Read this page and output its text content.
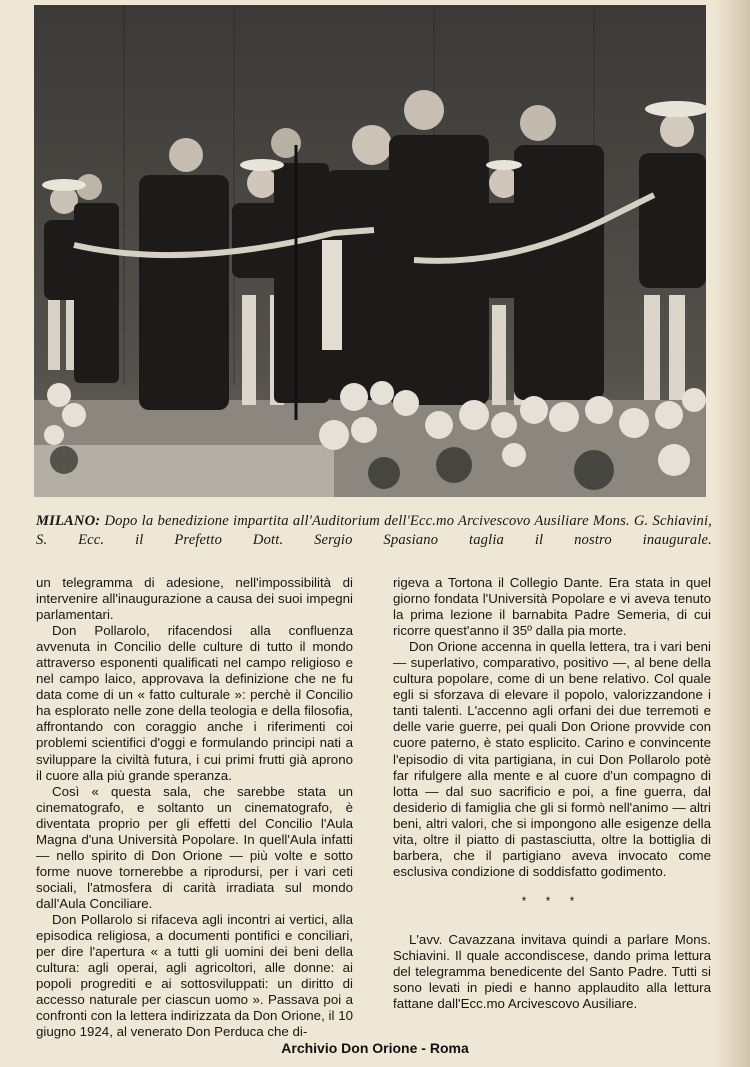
MILANO: Dopo la benedizione impartita all'Auditorium dell'Ecc.mo Arcivescovo Ausiliare Mons. G. Schiavini, S. Ecc. il Prefetto Dott. Sergio Spasiano taglia il nostro inaugurale.

un telegramma di adesione, nell'impossibilità di intervenire all'inaugurazione a causa dei suoi impegni parlamentari.

Don Pollarolo, rifacendosi alla confluenza avvenuta in Concilio delle culture di tutto il mondo attraverso esponenti qualificati nel campo religioso e nel campo laico, approvava la definizione che ne fu data come di un « fatto culturale »: perchè il Concilio ha esplorato nelle zone della teologia e della filosofia, affrontando con coraggio anche i riferimenti coi problemi scientifici d'oggi e formulando principi nati a sviluppare la civiltà futura, i cui primi frutti già aprono il cuore alla più grande speranza.

Così « questa sala, che sarebbe stata un cinematografo, e soltanto un cinematografo, è diventata proprio per gli effetti del Concilio l'Aula Magna d'una Università Popolare. In quell'Aula infatti — nello spirito di Don Orione — più volte e sotto forme nuove tornerebbe a riprodursi, per i vari ceti sociali, l'atmosfera di carità irradiata sul mondo dall'Aula Conciliare.

Don Pollarolo si rifaceva agli incontri ai vertici, alla episodica religiosa, a documenti pontifici e conciliari, per dire l'apertura « a tutti gli uomini dei beni della cultura: agli operai, agli agricoltori, alle donne: ai popoli progrediti e ai sottosviluppati: un diritto di accesso naturale per ciascun uomo ». Passava poi a confronti con la lettera indirizzata da Don Orione, il 10 giugno 1924, al venerato Don Perduca che di-

rigeva a Tortona il Collegio Dante. Era stata in quel giorno fondata l'Università Popolare e vi aveva tenuto la prima lezione il barnabita Padre Semeria, di cui ricorre quest'anno il 35º dalla pia morte.

Don Orione accenna in quella lettera, tra i vari beni — superlativo, comparativo, positivo —, al bene della cultura popolare, come di un bene relativo. Col quale egli si sforzava di elevare il popolo, valorizzandone i tanti talenti. L'accenno agli orfani dei due terremoti e delle varie guerre, pei quali Don Orione provvide con cuore paterno, è stato esplicito. Carino e convincente l'episodio di vita partigiana, in cui Don Pollarolo potè far rifulgere alla mente e al cuore d'un compagno di lotta — dal suo sacrificio e poi, a fine guerra, dal desiderio di famiglia che gli si formò nell'animo — altri beni, altri valori, che si impongono alle esigenze della vita, oltre il piatto di pastasciutta, oltre la bottiglia di barbera, che il partigiano aveva invocato come esclusiva condizione di soddisfatto godimento.

* * *

L'avv. Cavazzana invitava quindi a parlare Mons. Schiavini. Il quale accondiscese, dando prima lettura del telegramma benedicente del Santo Padre. Tutti si sono levati in piedi e hanno applaudito alla lettura fattane dall'Ecc.mo Arcivescovo Ausiliare.

Archivio Don Orione - Roma
